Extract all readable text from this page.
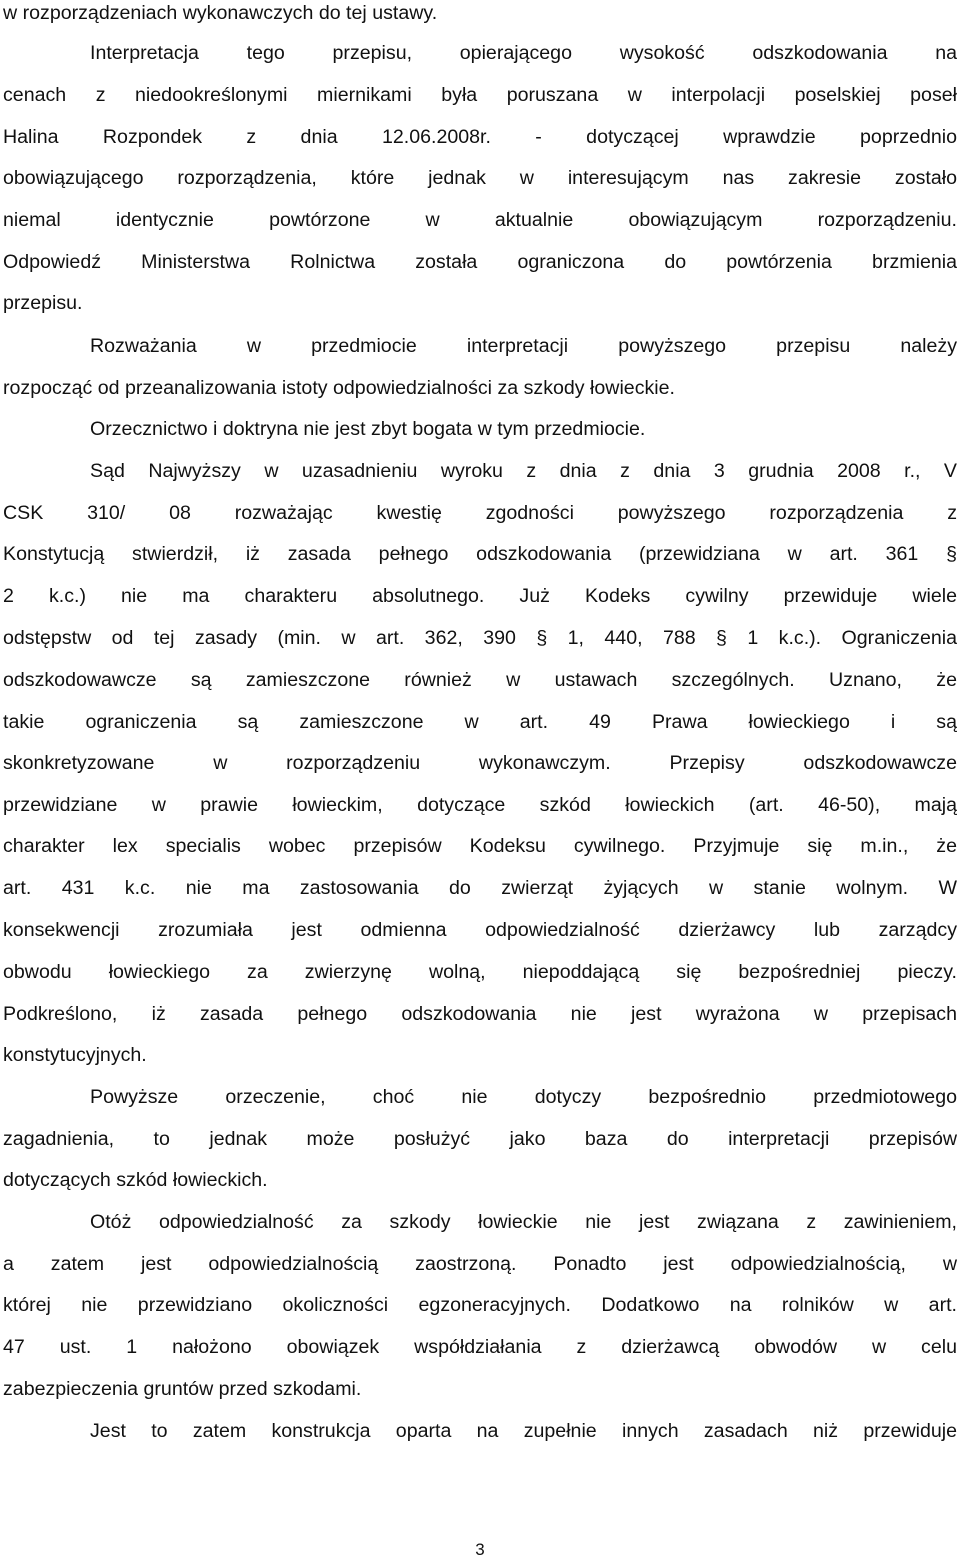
w rozporządzeniach wykonawczych do tej ustawy.
Interpretacja tego przepisu, opierającego wysokość odszkodowania na
cenach z niedookreślonymi miernikami była poruszana w interpolacji poselskiej poseł
Halina Rozpondek z dnia 12.06.2008r. - dotyczącej wprawdzie poprzednio
obowiązującego rozporządzenia, które jednak w interesującym nas zakresie zostało
niemal identycznie powtórzone w aktualnie obowiązującym rozporządzeniu.
Odpowiedź Ministerstwa Rolnictwa została ograniczona do powtórzenia brzmienia
przepisu.
Rozważania w przedmiocie interpretacji powyższego przepisu należy
rozpocząć od przeanalizowania istoty odpowiedzialności za szkody łowieckie.
Orzecznictwo i doktryna nie jest zbyt bogata w tym przedmiocie.
Sąd Najwyższy w uzasadnieniu wyroku z dnia z dnia 3 grudnia 2008 r., V
CSK 310/ 08 rozważając kwestię zgodności powyższego rozporządzenia z
Konstytucją stwierdził, iż zasada pełnego odszkodowania (przewidziana w art. 361 §
2 k.c.) nie ma charakteru absolutnego. Już Kodeks cywilny przewiduje wiele
odstępstw od tej zasady (min. w art. 362, 390 § 1, 440, 788 § 1 k.c.). Ograniczenia
odszkodowawcze są zamieszczone również w ustawach szczególnych. Uznano, że
takie ograniczenia są zamieszczone w art. 49 Prawa łowieckiego i są
skonkretyzowane w rozporządzeniu wykonawczym. Przepisy odszkodowawcze
przewidziane w prawie łowieckim, dotyczące szkód łowieckich (art. 46-50), mają
charakter lex specialis wobec przepisów Kodeksu cywilnego. Przyjmuje się m.in., że
art. 431 k.c. nie ma zastosowania do zwierząt żyjących w stanie wolnym. W
konsekwencji zrozumiała jest odmienna odpowiedzialność dzierżawcy lub zarządcy
obwodu łowieckiego za zwierzynę wolną, niepoddającą się bezpośredniej pieczy.
Podkreślono, iż zasada pełnego odszkodowania nie jest wyrażona w przepisach
konstytucyjnych.
Powyższe orzeczenie, choć nie dotyczy bezpośrednio przedmiotowego
zagadnienia, to jednak może posłużyć jako baza do interpretacji przepisów
dotyczących szkód łowieckich.
Otóż odpowiedzialność za szkody łowieckie nie jest związana z zawinieniem,
a zatem jest odpowiedzialnością zaostrzoną. Ponadto jest odpowiedzialnością, w
której nie przewidziano okoliczności egzoneracyjnych. Dodatkowo na rolników w art.
47 ust. 1 nałożono obowiązek współdziałania z dzierżawcą obwodów w celu
zabezpieczenia gruntów przed szkodami.
Jest to zatem konstrukcja oparta na zupełnie innych zasadach niż przewiduje
3
